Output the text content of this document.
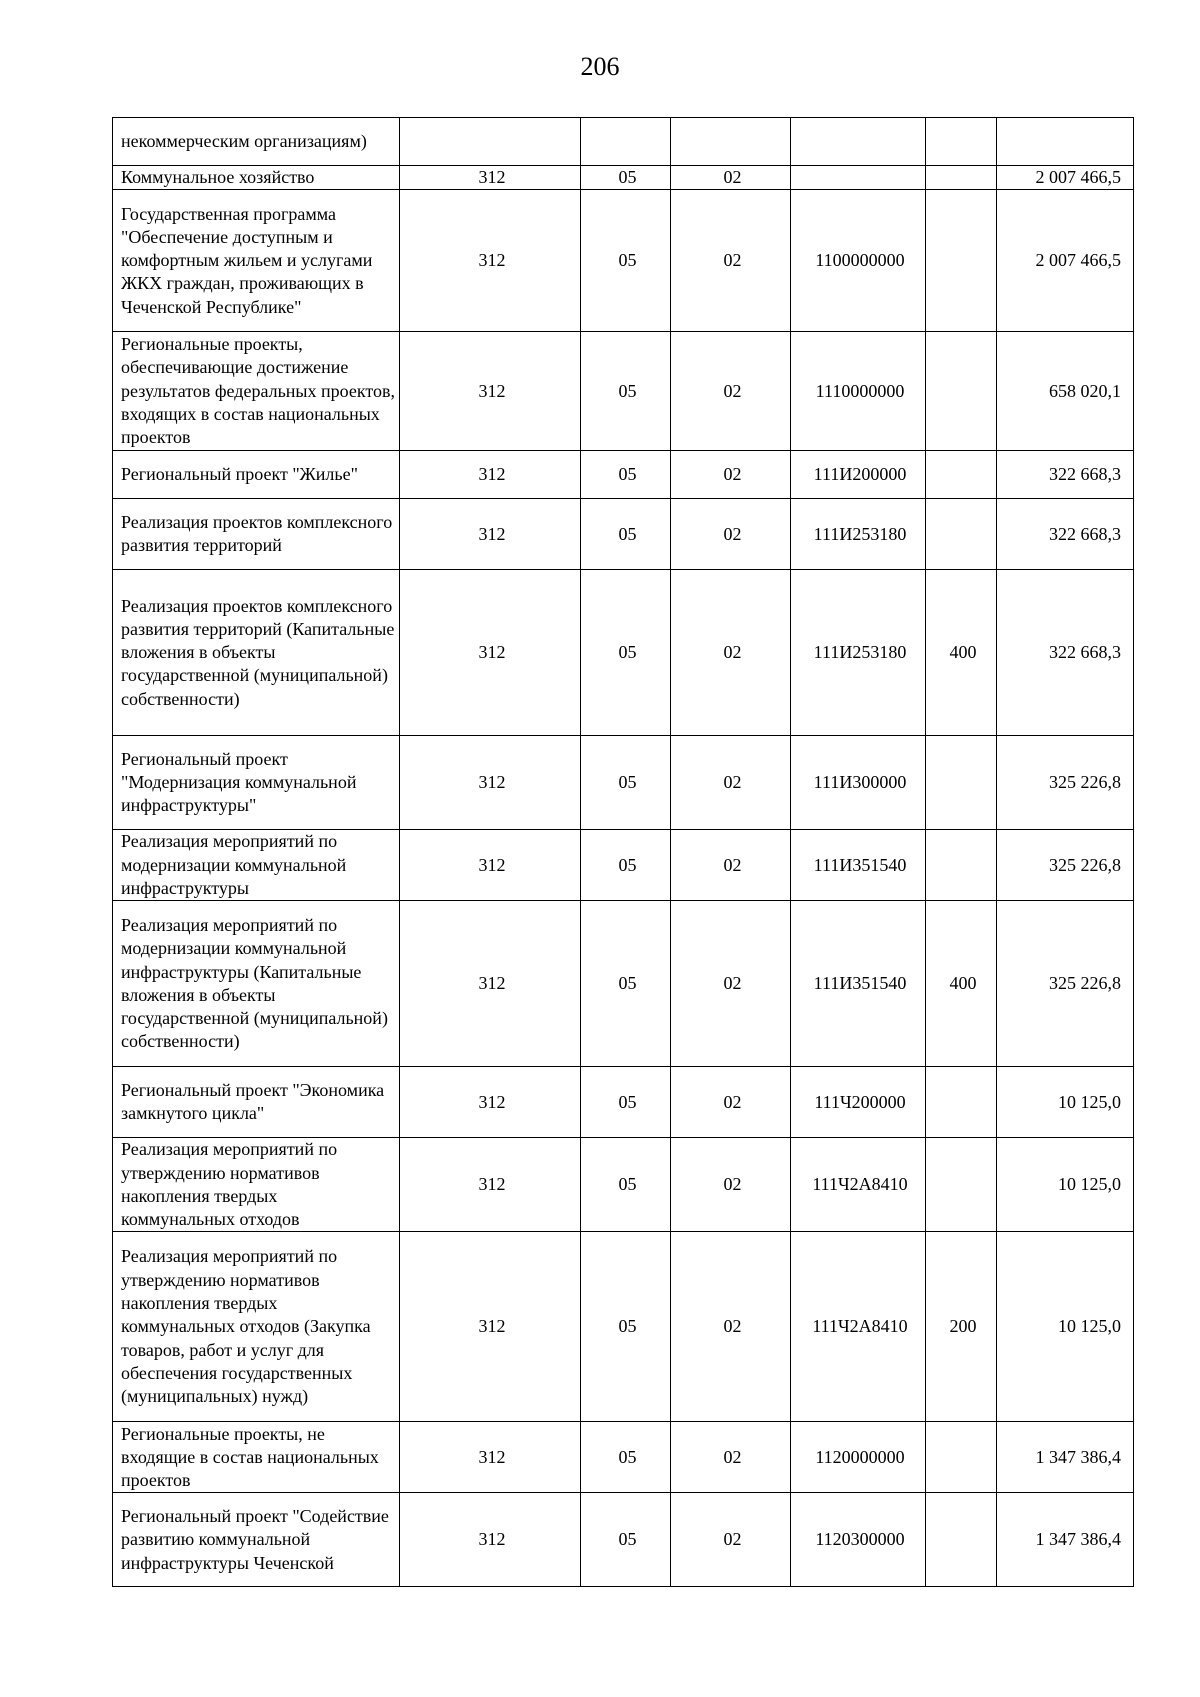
206
некоммерческим организациям)						
Коммунальное хозяйство	312	05	02			2 007 466,5
Государственная программа "Обеспечение доступным и комфортным жильем и услугами ЖКХ граждан, проживающих в Чеченской Республике"	312	05	02	1100000000		2 007 466,5
Региональные проекты, обеспечивающие достижение результатов федеральных проектов, входящих в состав национальных проектов	312	05	02	1110000000		658 020,1
Региональный проект "Жилье"	312	05	02	111И200000		322 668,3
Реализация проектов комплексного развития территорий	312	05	02	111И253180		322 668,3
Реализация проектов комплексного развития территорий (Капитальные вложения в объекты государственной (муниципальной) собственности)	312	05	02	111И253180	400	322 668,3
Региональный проект "Модернизация коммунальной инфраструктуры"	312	05	02	111И300000		325 226,8
Реализация мероприятий по модернизации коммунальной инфраструктуры	312	05	02	111И351540		325 226,8
Реализация мероприятий по модернизации коммунальной инфраструктуры (Капитальные вложения в объекты государственной (муниципальной) собственности)	312	05	02	111И351540	400	325 226,8
Региональный проект "Экономика замкнутого цикла"	312	05	02	111Ч200000		10 125,0
Реализация мероприятий по утверждению нормативов накопления твердых коммунальных отходов	312	05	02	111Ч2А8410		10 125,0
Реализация мероприятий по утверждению нормативов накопления твердых коммунальных отходов (Закупка товаров, работ и услуг для обеспечения государственных (муниципальных) нужд)	312	05	02	111Ч2А8410	200	10 125,0
Региональные проекты, не входящие в состав национальных проектов	312	05	02	1120000000		1 347 386,4
Региональный проект "Содействие развитию коммунальной инфраструктуры Чеченской	312	05	02	1120300000		1 347 386,4
